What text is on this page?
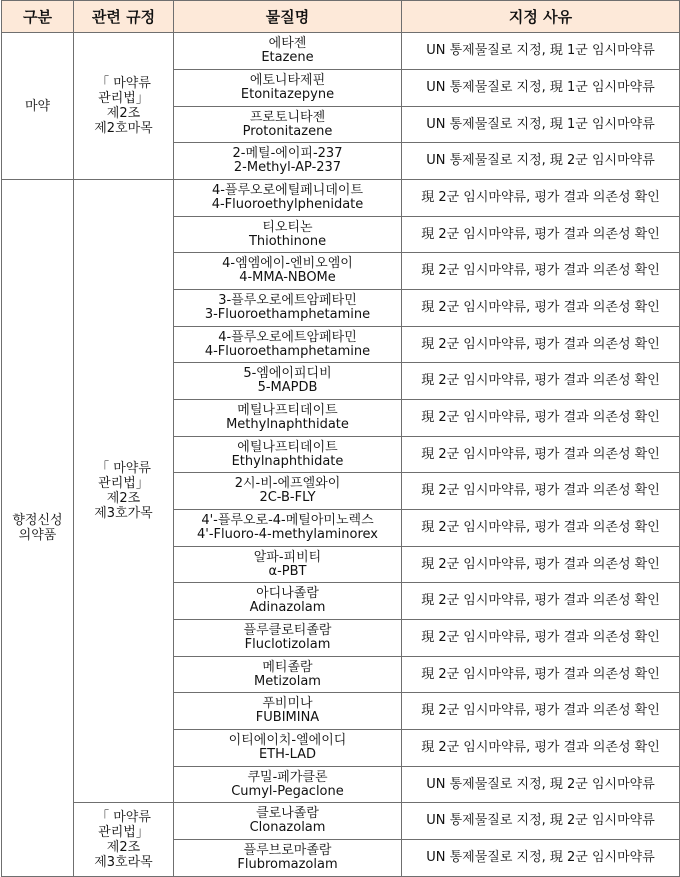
구분	관련 규정	물질명	지정 사유

마약	「 마약류
관리법」
제2조
제2호마목	에타젠
Etazene	UN 통제물질로 지정, 現 1군 임시마약류

		에토니타제핀
Etonitazepyne	UN 통제물질로 지정, 現 1군 임시마약류

		프로토니타젠
Protonitazene	UN 통제물질로 지정, 現 1군 임시마약류

		2-메틸-에이피-237
2-Methyl-AP-237	UN 통제물질로 지정, 現 2군 임시마약류

향정신성
의약품	「 마약류
관리법」
제2조
제3호가목	4-플루오로에틸페니데이트
4-Fluoroethylphenidate	現 2군 임시마약류, 평가 결과 의존성 확인

		티오티논
Thiothinone	現 2군 임시마약류, 평가 결과 의존성 확인

		4-엠엠에이-엔비오엠이
4-MMA-NBOMe	現 2군 임시마약류, 평가 결과 의존성 확인

		3-플루오로에트암페타민
3-Fluoroethamphetamine	現 2군 임시마약류, 평가 결과 의존성 확인

		4-플루오로에트암페타민
4-Fluoroethamphetamine	現 2군 임시마약류, 평가 결과 의존성 확인

		5-엠에이피디비
5-MAPDB	現 2군 임시마약류, 평가 결과 의존성 확인

		메틸나프티데이트
Methylnaphthidate	現 2군 임시마약류, 평가 결과 의존성 확인

		에틸나프티데이트
Ethylnaphthidate	現 2군 임시마약류, 평가 결과 의존성 확인

		2시-비-에프엘와이
2C-B-FLY	現 2군 임시마약류, 평가 결과 의존성 확인

		4'-플루오로-4-메틸아미노렉스
4'-Fluoro-4-methylaminorex	現 2군 임시마약류, 평가 결과 의존성 확인

		알파-피비티
α-PBT	現 2군 임시마약류, 평가 결과 의존성 확인

		아디나졸람
Adinazolam	現 2군 임시마약류, 평가 결과 의존성 확인

		플루클로티졸람
Fluclotizolam	現 2군 임시마약류, 평가 결과 의존성 확인

		메티졸람
Metizolam	現 2군 임시마약류, 평가 결과 의존성 확인

		푸비미나
FUBIMINA	現 2군 임시마약류, 평가 결과 의존성 확인

		이티에이치-엘에이디
ETH-LAD	現 2군 임시마약류, 평가 결과 의존성 확인

		쿠밀-페가클론
Cumyl-Pegaclone	UN 통제물질로 지정, 現 2군 임시마약류

	「 마약류
관리법」
제2조
제3호라목	클로나졸람
Clonazolam	UN 통제물질로 지정, 現 2군 임시마약류

		플루브로마졸람
Flubromazolam	UN 통제물질로 지정, 現 2군 임시마약류
